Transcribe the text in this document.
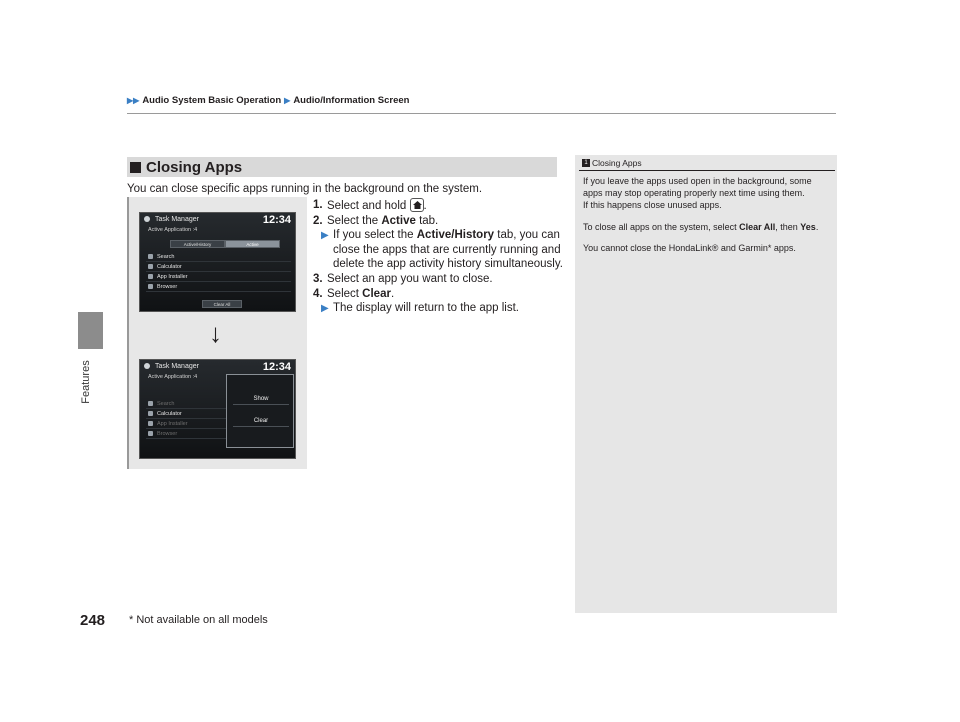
▶▶ Audio System Basic Operation ▶ Audio/Information Screen
Features
Closing Apps
You can close specific apps running in the background on the system.
Task Manager	12:34
Active Application :4
Active/History	Active
Search
Calculator
App Installer
Browser
Clear All
↓
Task Manager	12:34
Active Application :4
Search
Calculator
App Installer
Browser
Show
Clear
1. Select and hold .
2. Select the Active tab.
▶ If you select the Active/History tab, you can close the apps that are currently running and delete the app activity history simultaneously.
3. Select an app you want to close.
4. Select Clear.
▶ The display will return to the app list.
1 Closing Apps

If you leave the apps used open in the background, some apps may stop operating properly next time using them.
If this happens close unused apps.

To close all apps on the system, select Clear All, then Yes.

You cannot close the HondaLink® and Garmin* apps.

248 * Not available on all models
